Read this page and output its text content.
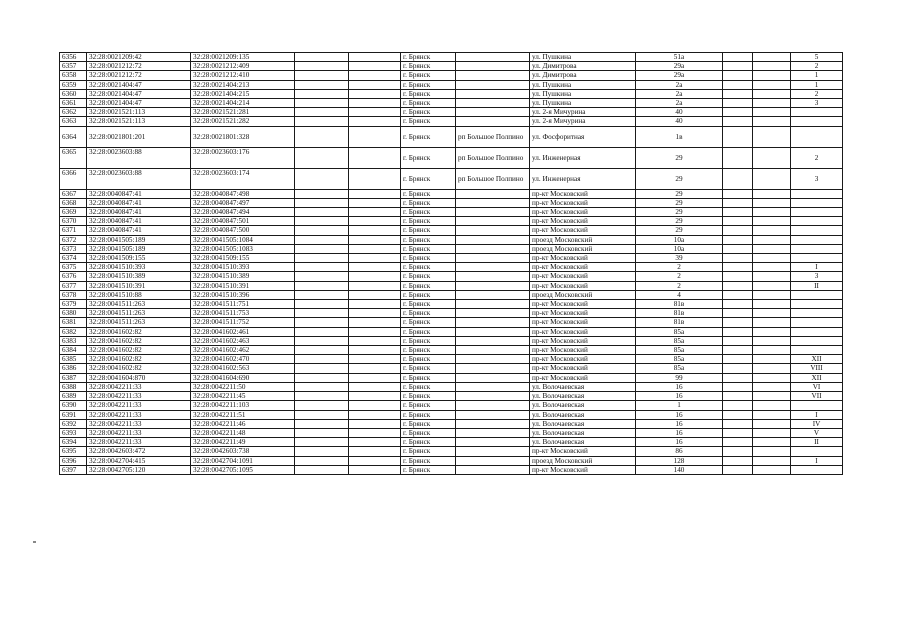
6356	32:28:0021209:42	32:28:0021209:135			г. Брянск		ул. Пушкина	51а			5
6357	32:28:0021212:72	32:28:0021212:409			г. Брянск		ул. Димитрова	29а			2
6358	32:28:0021212:72	32:28:0021212:410			г. Брянск		ул. Димитрова	29а			1
6359	32:28:0021404:47	32:28:0021404:213			г. Брянск		ул. Пушкина	2а			1
6360	32:28:0021404:47	32:28:0021404:215			г. Брянск		ул. Пушкина	2а			2
6361	32:28:0021404:47	32:28:0021404:214			г. Брянск		ул. Пушкина	2а			3
6362	32:28:0021521:113	32:28:0021521:281			г. Брянск		ул. 2-я Мичурина	40			
6363	32:28:0021521:113	32:28:0021521:282			г. Брянск		ул. 2-я Мичурина	40			
6364	32:28:0021801:201	32:28:0021801:328			г. Брянск	рп Большое Полпино	ул. Фосфоритная	1в			
6365	32:28:0023603:88	32:28:0023603:176			г. Брянск	рп Большое Полпино	ул. Инженерная	29			2
6366	32:28:0023603:88	32:28:0023603:174			г. Брянск	рп Большое Полпино	ул. Инженерная	29			3
6367	32:28:0040847:41	32:28:0040847:498			г. Брянск		пр-кт Московский	29			
6368	32:28:0040847:41	32:28:0040847:497			г. Брянск		пр-кт Московский	29			
6369	32:28:0040847:41	32:28:0040847:494			г. Брянск		пр-кт Московский	29			
6370	32:28:0040847:41	32:28:0040847:501			г. Брянск		пр-кт Московский	29			
6371	32:28:0040847:41	32:28:0040847:500			г. Брянск		пр-кт Московский	29			
6372	32:28:0041505:189	32:28:0041505:1084			г. Брянск		проезд Московский	10а			
6373	32:28:0041505:189	32:28:0041505:1083			г. Брянск		проезд Московский	10а			
6374	32:28:0041509:155	32:28:0041509:155			г. Брянск		пр-кт Московский	39			
6375	32:28:0041510:393	32:28:0041510:393			г. Брянск		пр-кт Московский	2			I
6376	32:28:0041510:389	32:28:0041510:389			г. Брянск		пр-кт Московский	2			3
6377	32:28:0041510:391	32:28:0041510:391			г. Брянск		пр-кт Московский	2			II
6378	32:28:0041510:88	32:28:0041510:396			г. Брянск		проезд Московский	4			
6379	32:28:0041511:263	32:28:0041511:751			г. Брянск		пр-кт Московский	81в			
6380	32:28:0041511:263	32:28:0041511:753			г. Брянск		пр-кт Московский	81в			
6381	32:28:0041511:263	32:28:0041511:752			г. Брянск		пр-кт Московский	81в			
6382	32:28:0041602:82	32:28:0041602:461			г. Брянск		пр-кт Московский	85а			
6383	32:28:0041602:82	32:28:0041602:463			г. Брянск		пр-кт Московский	85а			
6384	32:28:0041602:82	32:28:0041602:462			г. Брянск		пр-кт Московский	85а			
6385	32:28:0041602:82	32:28:0041602:470			г. Брянск		пр-кт Московский	85а			XII
6386	32:28:0041602:82	32:28:0041602:563			г. Брянск		пр-кт Московский	85а			VIII
6387	32:28:0041604:870	32:28:0041604:690			г. Брянск		пр-кт Московский	99			XII
6388	32:28:0042211:33	32:28:0042211:50			г. Брянск		ул. Волочаевская	16			VI
6389	32:28:0042211:33	32:28:0042211:45			г. Брянск		ул. Волочаевская	16			VII
6390	32:28:0042211:33	32:28:0042211:103			г. Брянск		ул. Волочаевская	1			
6391	32:28:0042211:33	32:28:0042211:51			г. Брянск		ул. Волочаевская	16			I
6392	32:28:0042211:33	32:28:0042211:46			г. Брянск		ул. Волочаевская	16			IV
6393	32:28:0042211:33	32:28:0042211:48			г. Брянск		ул. Волочаевская	16			V
6394	32:28:0042211:33	32:28:0042211:49			г. Брянск		ул. Волочаевская	16			II
6395	32:28:0042603:472	32:28:0042603:738			г. Брянск		пр-кт Московский	86			
6396	32:28:0042704:415	32:28:0042704:1091			г. Брянск		проезд Московский	128			I
6397	32:28:0042705:120	32:28:0042705:1095			г. Брянск		пр-кт Московский	140			
